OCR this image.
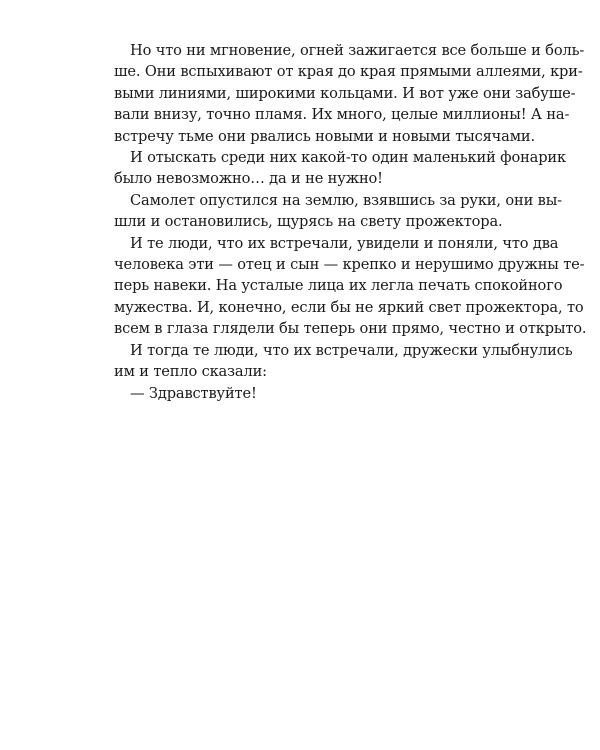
Но что ни мгновение, огней зажигается все больше и боль-
ше. Они вспыхивают от края до края прямыми аллеями, кри-
выми линиями, широкими кольцами. И вот уже они забуше-
вали внизу, точно пламя. Их много, целые миллионы! А на-
встречу тьме они рвались новыми и новыми тысячами.
И отыскать среди них какой-то один маленький фонарик
было невозможно… да и не нужно!
Самолет опустился на землю, взявшись за руки, они вы-
шли и остановились, щурясь на свету прожектора.
И те люди, что их встречали, увидели и поняли, что два
человека эти — отец и сын — крепко и нерушимо дружны те-
перь навеки. На усталые лица их легла печать спокойного
мужества. И, конечно, если бы не яркий свет прожектора, то
всем в глаза глядели бы теперь они прямо, честно и открыто.
И тогда те люди, что их встречали, дружески улыбнулись
им и тепло сказали:
— Здравствуйте!
